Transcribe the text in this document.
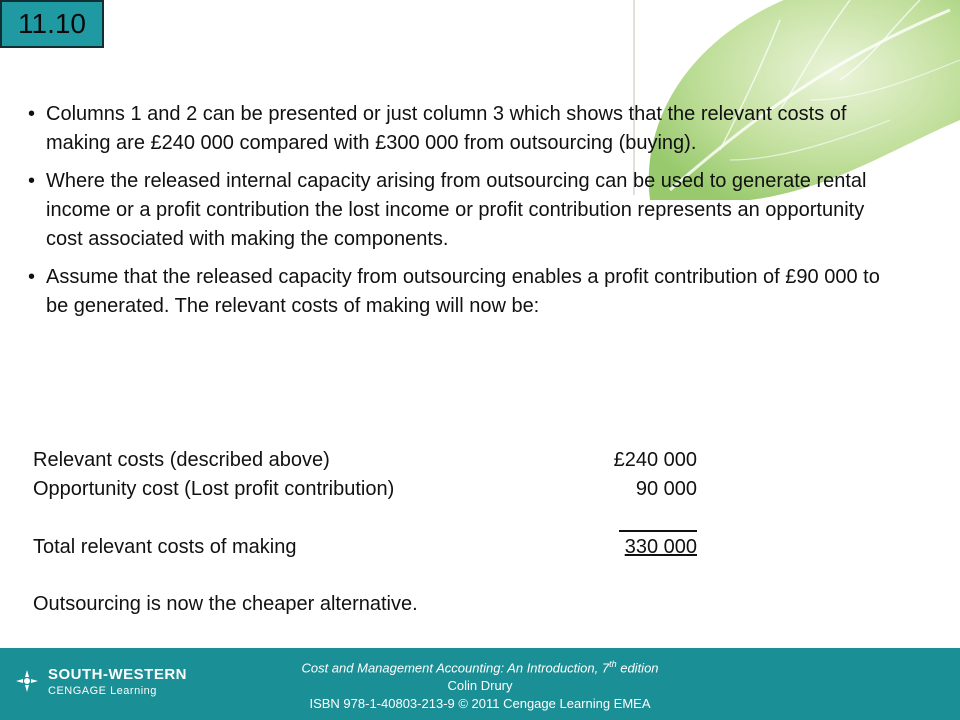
11.10
• Columns 1 and 2 can be presented or just column 3 which shows that the relevant costs of making are £240 000 compared with £300 000 from outsourcing (buying).
• Where the released internal capacity arising from outsourcing can be used to generate rental income or a profit contribution the lost income or profit contribution represents an opportunity cost associated with making the components.
• Assume that the released capacity from outsourcing enables a profit contribution of £90 000 to be generated. The relevant costs of making will now be:
Relevant costs (described above)	£240 000
Opportunity cost (Lost profit contribution)	90 000
Total relevant costs of making	330 000
Outsourcing is now the cheaper alternative.
SOUTH-WESTERN
CENGAGE Learning
Cost and Management Accounting: An Introduction, 7th edition
Colin Drury
ISBN 978-1-40803-213-9 © 2011 Cengage Learning EMEA
